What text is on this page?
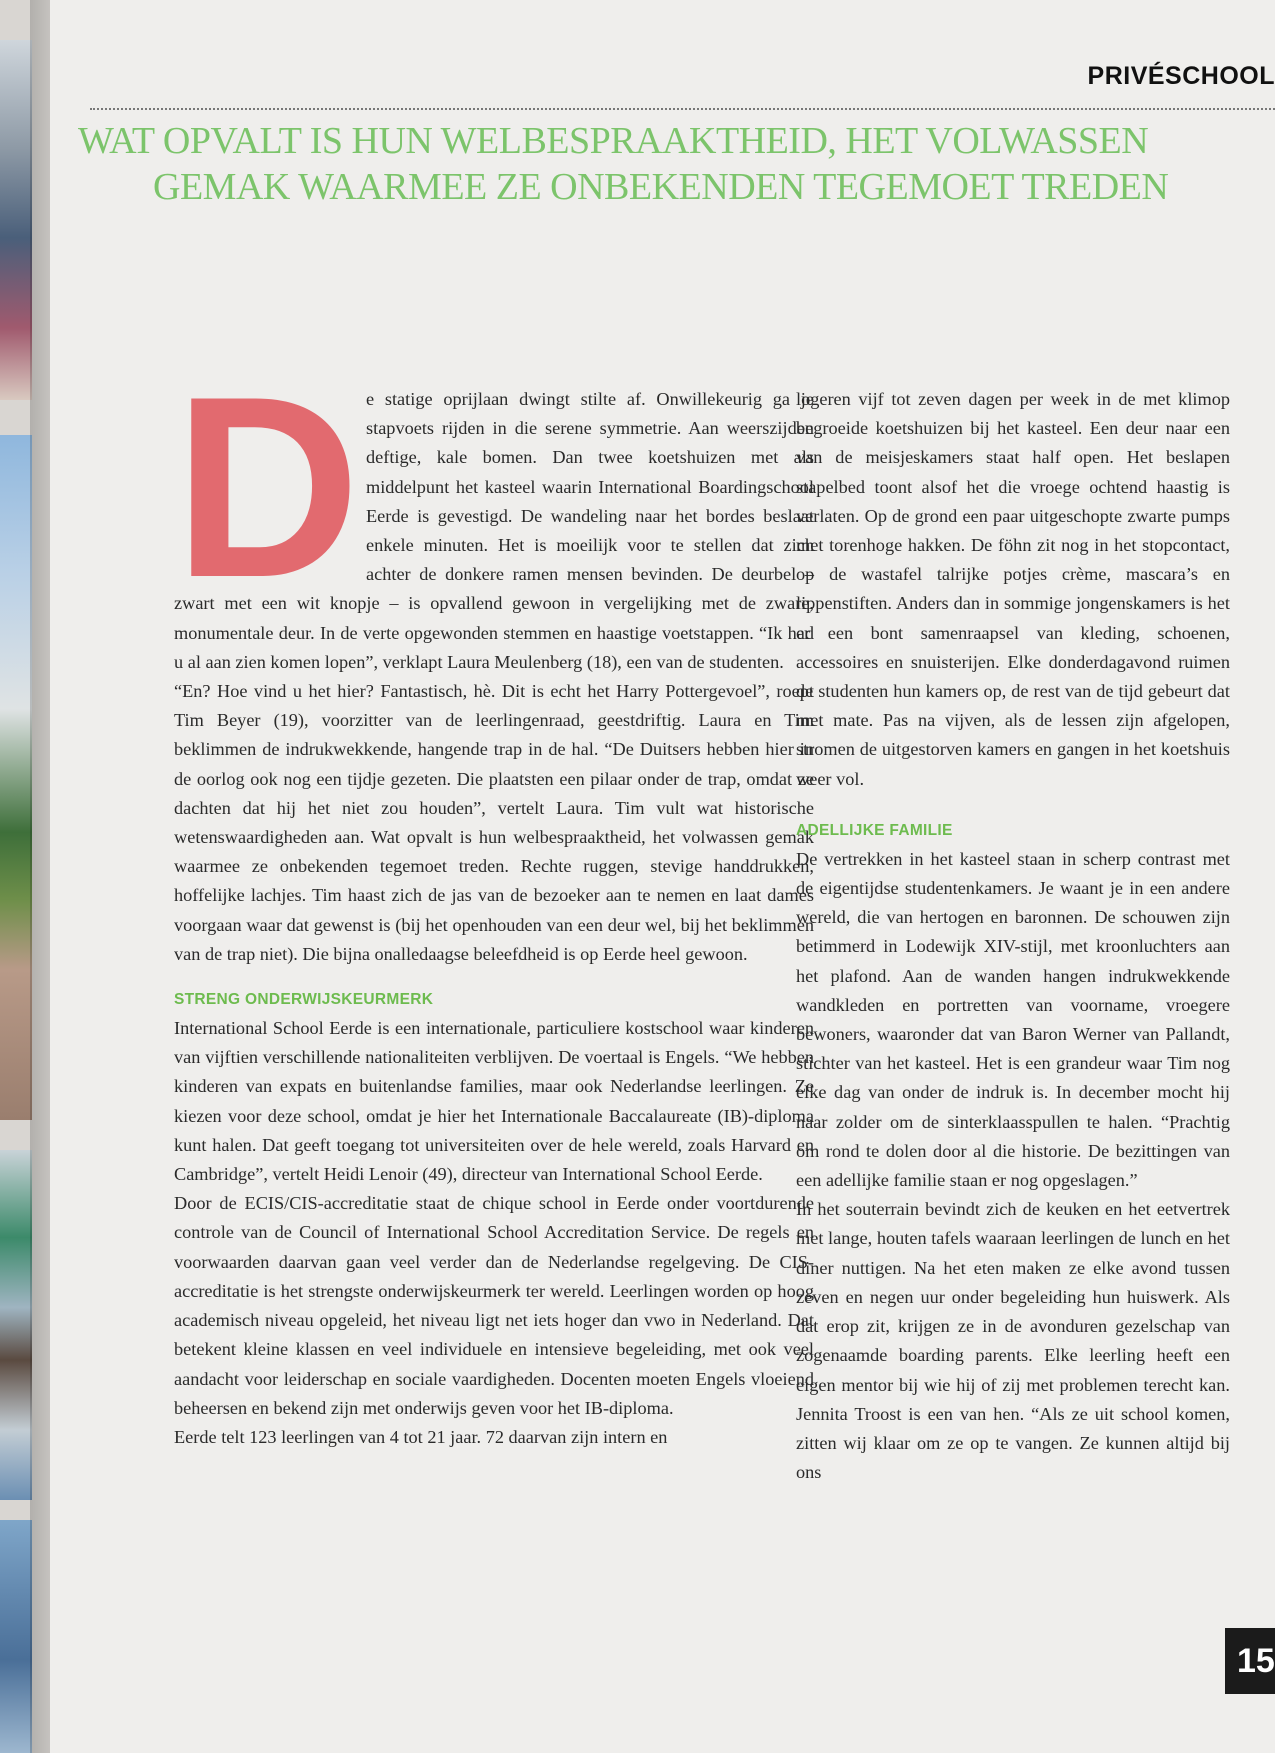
PRIVÉSCHOOL
WAT OPVALT IS HUN WELBESPRAAKTHEID, HET VOLWASSEN
GEMAK WAARMEE ZE ONBEKENDEN TEGEMOET TREDEN
D e statige oprijlaan dwingt stilte af. Onwillekeurig ga je stapvoets rijden in die serene symmetrie. Aan weerszijden deftige, kale bomen. Dan twee koetshuizen met als middelpunt het kasteel waarin International Boardingschool Eerde is gevestigd. De wandeling naar het bordes beslaat enkele minuten. Het is moeilijk voor te stellen dat zich achter de donkere ramen mensen bevinden. De deurbel – zwart met een wit knopje – is opvallend gewoon in vergelijking met de zware, monumentale deur. In de verte opgewonden stemmen en haastige voetstappen. “Ik had u al aan zien komen lopen”, verklapt Laura Meulenberg (18), een van de studenten.

“En? Hoe vind u het hier? Fantastisch, hè. Dit is echt het Harry Pottergevoel”, roept Tim Beyer (19), voorzitter van de leerlingenraad, geestdriftig. Laura en Tim beklimmen de indrukwekkende, hangende trap in de hal. “De Duitsers hebben hier in de oorlog ook nog een tijdje gezeten. Die plaatsten een pilaar onder de trap, omdat ze dachten dat hij het niet zou houden”, vertelt Laura. Tim vult wat historische wetenswaardigheden aan. Wat opvalt is hun welbespraaktheid, het volwassen gemak waarmee ze onbekenden tegemoet treden. Rechte ruggen, stevige handdrukken, hoffelijke lachjes. Tim haast zich de jas van de bezoeker aan te nemen en laat dames voorgaan waar dat gewenst is (bij het openhouden van een deur wel, bij het beklimmen van de trap niet). Die bijna onalledaagse beleefdheid is op Eerde heel gewoon.

STRENG ONDERWIJSKEURMERK

International School Eerde is een internationale, particuliere kostschool waar kinderen van vijftien verschillende nationaliteiten verblijven. De voertaal is Engels. “We hebben kinderen van expats en buitenlandse families, maar ook Nederlandse leerlingen. Ze kiezen voor deze school, omdat je hier het Internationale Baccalaureate (IB)-diploma kunt halen. Dat geeft toegang tot universiteiten over de hele wereld, zoals Harvard en Cambridge”, vertelt Heidi Lenoir (49), directeur van International School Eerde.

Door de ECIS/CIS-accreditatie staat de chique school in Eerde onder voortdurende controle van de Council of International School Accreditation Service. De regels en voorwaarden daarvan gaan veel verder dan de Nederlandse regelgeving. De CIS-accreditatie is het strengste onderwijskeurmerk ter wereld. Leerlingen worden op hoog academisch niveau opgeleid, het niveau ligt net iets hoger dan vwo in Nederland. Dat betekent kleine klassen en veel individuele en intensieve begeleiding, met ook veel aandacht voor leiderschap en sociale vaardigheden. Docenten moeten Engels vloeiend beheersen en bekend zijn met onderwijs geven voor het IB-diploma.

Eerde telt 123 leerlingen van 4 tot 21 jaar. 72 daarvan zijn intern en

logeren vijf tot zeven dagen per week in de met klimop begroeide koetshuizen bij het kasteel. Een deur naar een van de meisjeskamers staat half open. Het beslapen stapelbed toont alsof het die vroege ochtend haastig is verlaten. Op de grond een paar uitgeschopte zwarte pumps met torenhoge hakken. De föhn zit nog in het stopcontact, op de wastafel talrijke potjes crème, mascara’s en lippenstiften. Anders dan in sommige jongenskamers is het er een bont samenraapsel van kleding, schoenen, accessoires en snuisterijen. Elke donderdagavond ruimen de studenten hun kamers op, de rest van de tijd gebeurt dat met mate. Pas na vijven, als de lessen zijn afgelopen, stromen de uitgestorven kamers en gangen in het koetshuis weer vol.

ADELLIJKE FAMILIE

De vertrekken in het kasteel staan in scherp contrast met de eigentijdse studentenkamers. Je waant je in een andere wereld, die van hertogen en baronnen. De schouwen zijn betimmerd in Lodewijk XIV-stijl, met kroonluchters aan het plafond. Aan de wanden hangen indrukwekkende wandkleden en portretten van voorname, vroegere bewoners, waaronder dat van Baron Werner van Pallandt, stichter van het kasteel. Het is een grandeur waar Tim nog elke dag van onder de indruk is. In december mocht hij naar zolder om de sinterklaasspullen te halen. “Prachtig om rond te dolen door al die historie. De bezittingen van een adellijke familie staan er nog opgeslagen.”

In het souterrain bevindt zich de keuken en het eetvertrek met lange, houten tafels waaraan leerlingen de lunch en het diner nuttigen. Na het eten maken ze elke avond tussen zeven en negen uur onder begeleiding hun huiswerk. Als dat erop zit, krijgen ze in de avonduren gezelschap van zogenaamde boarding parents. Elke leerling heeft een eigen mentor bij wie hij of zij met problemen terecht kan. Jennita Troost is een van hen. “Als ze uit school komen, zitten wij klaar om ze op te vangen. Ze kunnen altijd bij ons

15
